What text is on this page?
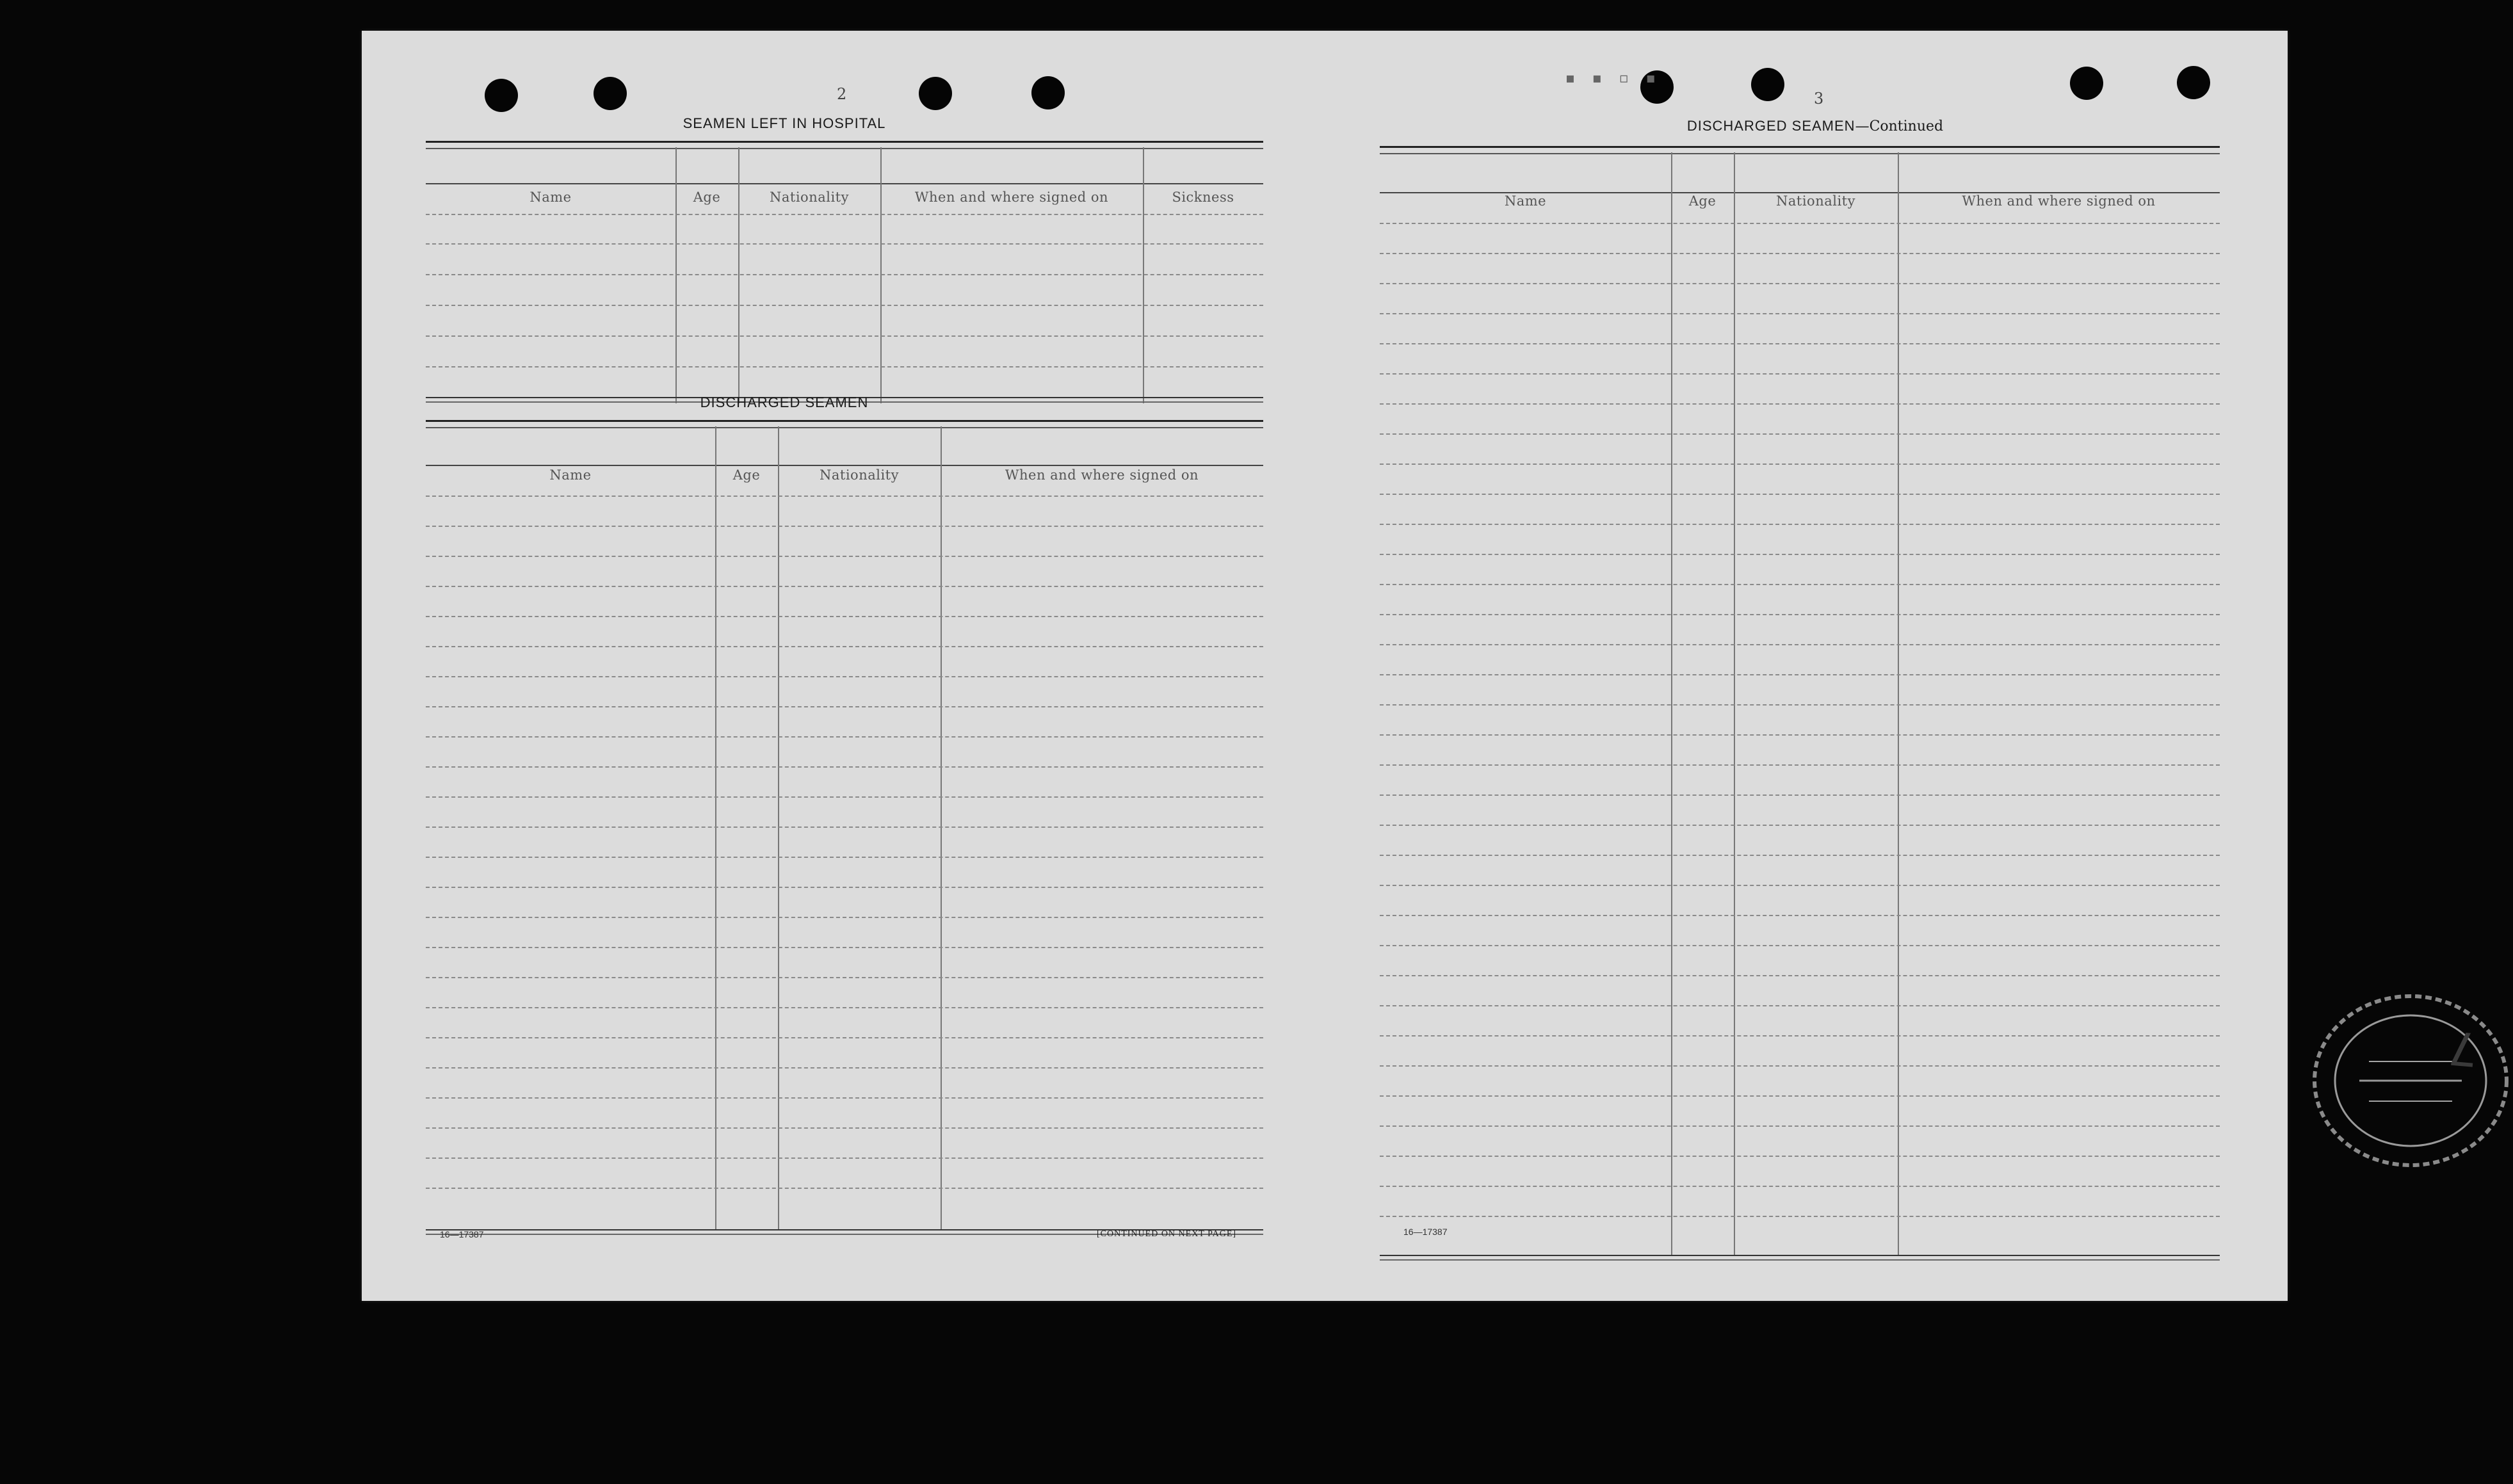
2
SEAMEN LEFT IN HOSPITAL
Name	Age	Nationality	When and where signed on	Sickness
DISCHARGED SEAMEN
Name	Age	Nationality	When and where signed on
16—17387	[CONTINUED ON NEXT PAGE]
▪ ▪ ▫ ▪
3
DISCHARGED SEAMEN—Continued
Name	Age	Nationality	When and where signed on
16—17387
7
